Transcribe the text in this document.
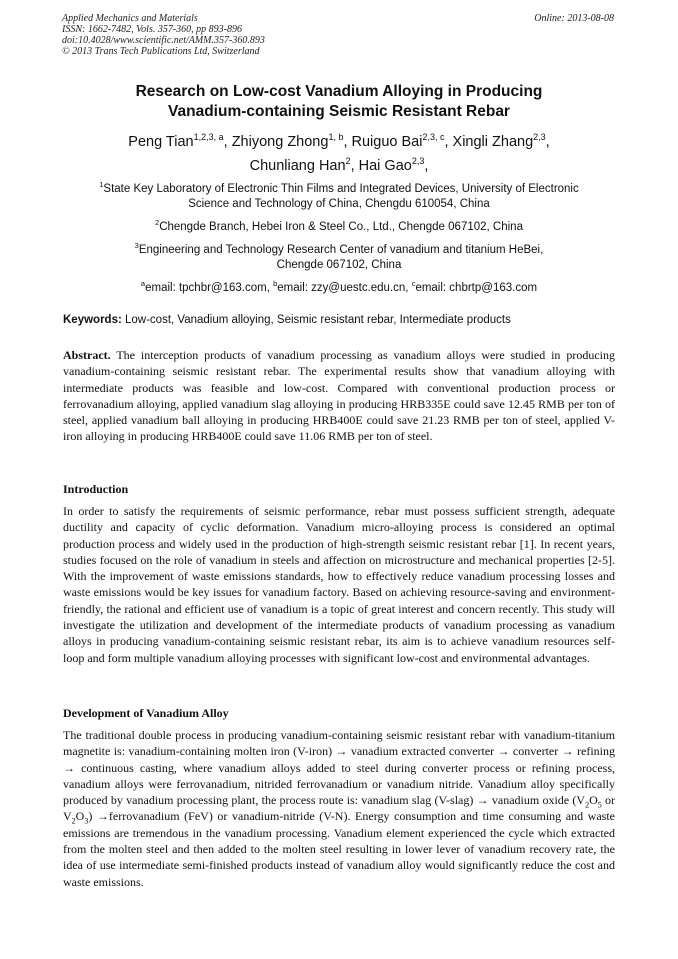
Applied Mechanics and Materials
ISSN: 1662-7482, Vols. 357-360, pp 893-896
doi:10.4028/www.scientific.net/AMM.357-360.893
© 2013 Trans Tech Publications Ltd, Switzerland
Online: 2013-08-08
Research on Low-cost Vanadium Alloying in Producing
Vanadium-containing Seismic Resistant Rebar
Peng Tian$^{1,2,3, a}$, Zhiyong Zhong$^{1, b}$, Ruiguo Bai$^{2,3, c}$, Xingli Zhang$^{2,3}$,
Chunliang Han$^2$, Hai Gao$^{2,3}$,

$^1$State Key Laboratory of Electronic Thin Films and Integrated Devices, University of Electronic
Science and Technology of China, Chengdu 610054, China

$^2$Chengde Branch, Hebei Iron & Steel Co., Ltd., Chengde 067102, China

$^3$Engineering and Technology Research Center of vanadium and titanium HeBei,
Chengde 067102, China

$^a$email: tpchbr@163.com, $^b$email: zzy@uestc.edu.cn, $^c$email: chbrtp@163.com

Keywords: Low-cost, Vanadium alloying, Seismic resistant rebar, Intermediate products

Abstract. The interception products of vanadium processing as vanadium alloys were studied in producing vanadium-containing seismic resistant rebar. The experimental results show that vanadium alloying with intermediate products was feasible and low-cost. Compared with conventional production process or ferrovanadium alloying, applied vanadium slag alloying in producing HRB335E could save 12.45 RMB per ton of steel, applied vanadium ball alloying in producing HRB400E could save 21.23 RMB per ton of steel, applied V-iron alloying in producing HRB400E could save 11.06 RMB per ton of steel.

Introduction

In order to satisfy the requirements of seismic performance, rebar must possess sufficient strength, adequate ductility and capacity of cyclic deformation. Vanadium micro-alloying process is considered an optimal production process and widely used in the production of high-strength seismic resistant rebar [1]. In recent years, studies focused on the role of vanadium in steels and affection on microstructure and mechanical properties [2-5]. With the improvement of waste emissions standards, how to effectively reduce vanadium processing losses and waste emissions would be key issues for vanadium factory. Based on achieving resource-saving and environment-friendly, the rational and efficient use of vanadium is a topic of great interest and concern recently. This study will investigate the utilization and development of the intermediate products of vanadium processing as vanadium alloys in producing vanadium-containing seismic resistant rebar, its aim is to achieve vanadium resources self-loop and form multiple vanadium alloying processes with significant low-cost and environmental advantages.

Development of Vanadium Alloy

The traditional double process in producing vanadium-containing seismic resistant rebar with vanadium-titanium magnetite is: vanadium-containing molten iron (V-iron) → vanadium extracted converter → converter → refining → continuous casting, where vanadium alloys added to steel during converter process or refining process, vanadium alloys were ferrovanadium, nitrided ferrovanadium or vanadium nitride. Vanadium alloy specifically produced by vanadium processing plant, the process route is: vanadium slag (V-slag) → vanadium oxide ($V_2O_5$ or $V_2O_3$) →ferrovanadium (FeV) or vanadium-nitride (V-N). Energy consumption and time consuming and waste emissions are tremendous in the vanadium processing. Vanadium element experienced the cycle which extracted from the molten steel and then added to the molten steel resulting in lower lever of vanadium recovery rate, the idea of use intermediate semi-finished products instead of vanadium alloy would significantly reduce the cost and waste emissions.
